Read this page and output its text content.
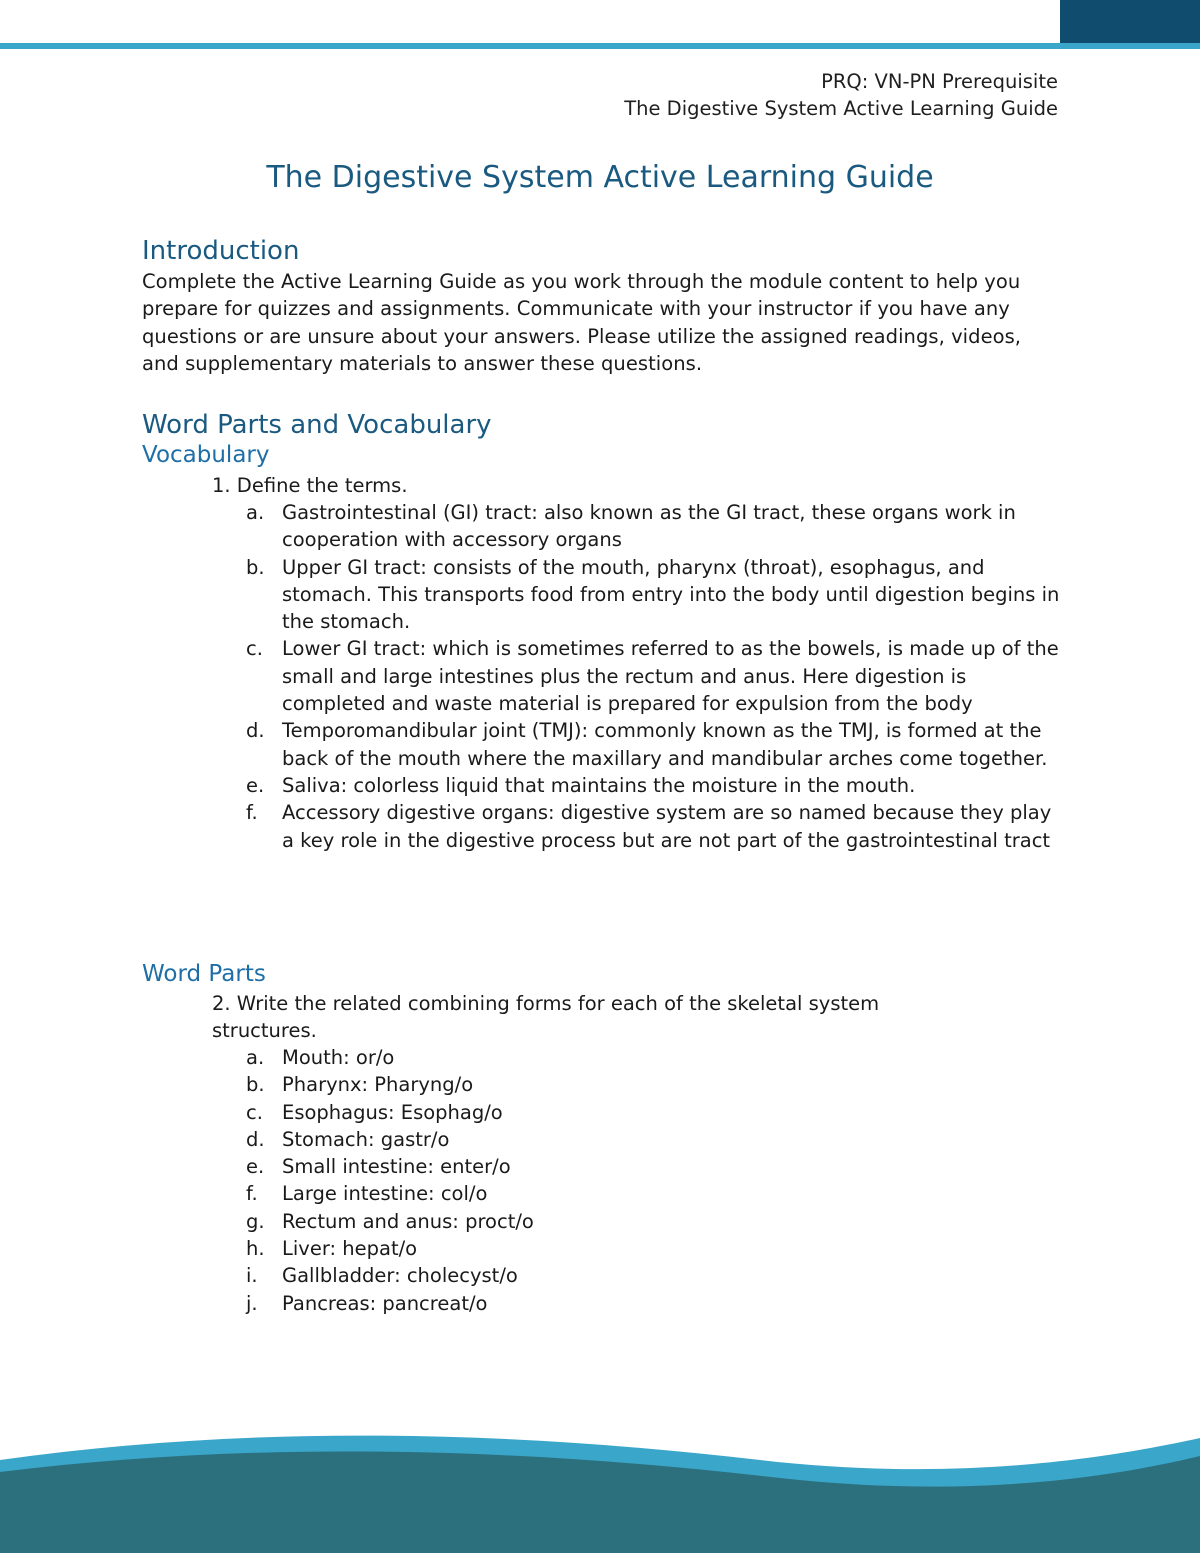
PRQ: VN-PN Prerequisite
The Digestive System Active Learning Guide
The Digestive System Active Learning Guide
Introduction
Complete the Active Learning Guide as you work through the module content to help you prepare for quizzes and assignments. Communicate with your instructor if you have any questions or are unsure about your answers. Please utilize the assigned readings, videos, and supplementary materials to answer these questions.
Word Parts and Vocabulary
Vocabulary
1. Define the terms.
a. Gastrointestinal (GI) tract: also known as the GI tract, these organs work in cooperation with accessory organs
b. Upper GI tract: consists of the mouth, pharynx (throat), esophagus, and stomach. This transports food from entry into the body until digestion begins in the stomach.
c. Lower GI tract: which is sometimes referred to as the bowels, is made up of the small and large intestines plus the rectum and anus. Here digestion is completed and waste material is prepared for expulsion from the body
d. Temporomandibular joint (TMJ): commonly known as the TMJ, is formed at the back of the mouth where the maxillary and mandibular arches come together.
e. Saliva: colorless liquid that maintains the moisture in the mouth.
f. Accessory digestive organs: digestive system are so named because they play a key role in the digestive process but are not part of the gastrointestinal tract
Word Parts
2. Write the related combining forms for each of the skeletal system
structures.
a. Mouth: or/o
b. Pharynx: Pharyng/o
c. Esophagus: Esophag/o
d. Stomach: gastr/o
e. Small intestine: enter/o
f. Large intestine: col/o
g. Rectum and anus: proct/o
h. Liver: hepat/o
i. Gallbladder: cholecyst/o
j. Pancreas: pancreat/o
